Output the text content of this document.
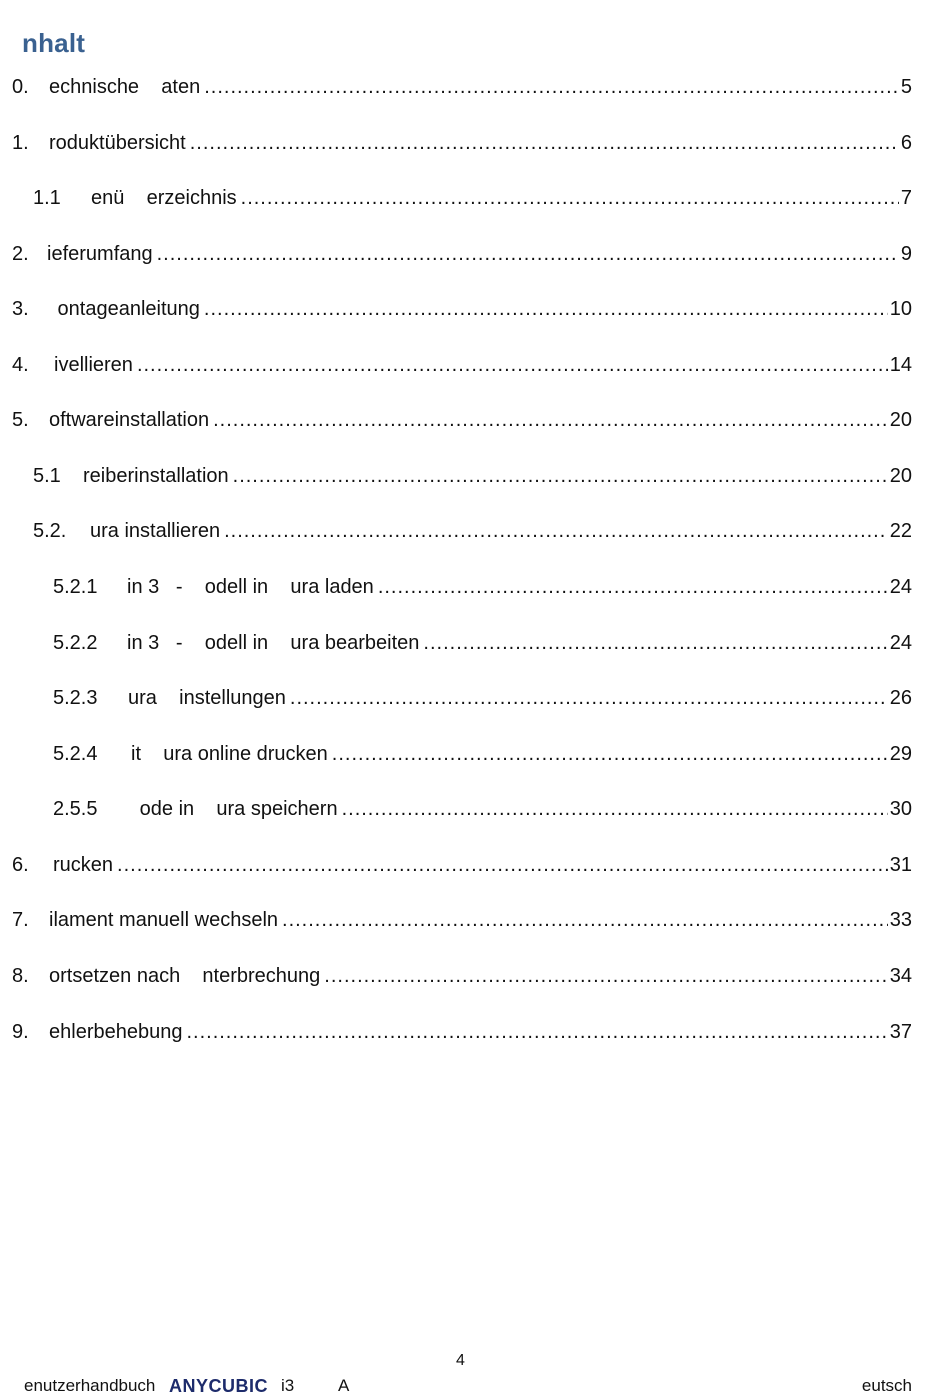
nhalt
0.	echnische    aten .....	5
1.	roduktübersicht .....	6
1.1	enü    erzeichnis .....	7
2. ieferumfang .....	9
3.	ontageanleitung .....	10
4.	ivellieren .....	14
5.	oftwareinstallation .....	20
5.1	reiberinstallation .....	20
5.2.	ura installieren .....	22
5.2.1	in 3   -    odell in    ura laden .....	24
5.2.2	in 3   -    odell in    ura bearbeiten .....	24
5.2.3	ura    instellungen .....	26
5.2.4	it    ura online drucken .....	29
2.5.5	ode in    ura speichern .....	30
6.	rucken .....	31
7.	ilament manuell wechseln .....	33
8.	ortsetzen nach    nterbrechung .....	34
9.	ehlerbehebung .....	37
4
enutzerhandbuch ANYCUBIC i3	A	eutsch
